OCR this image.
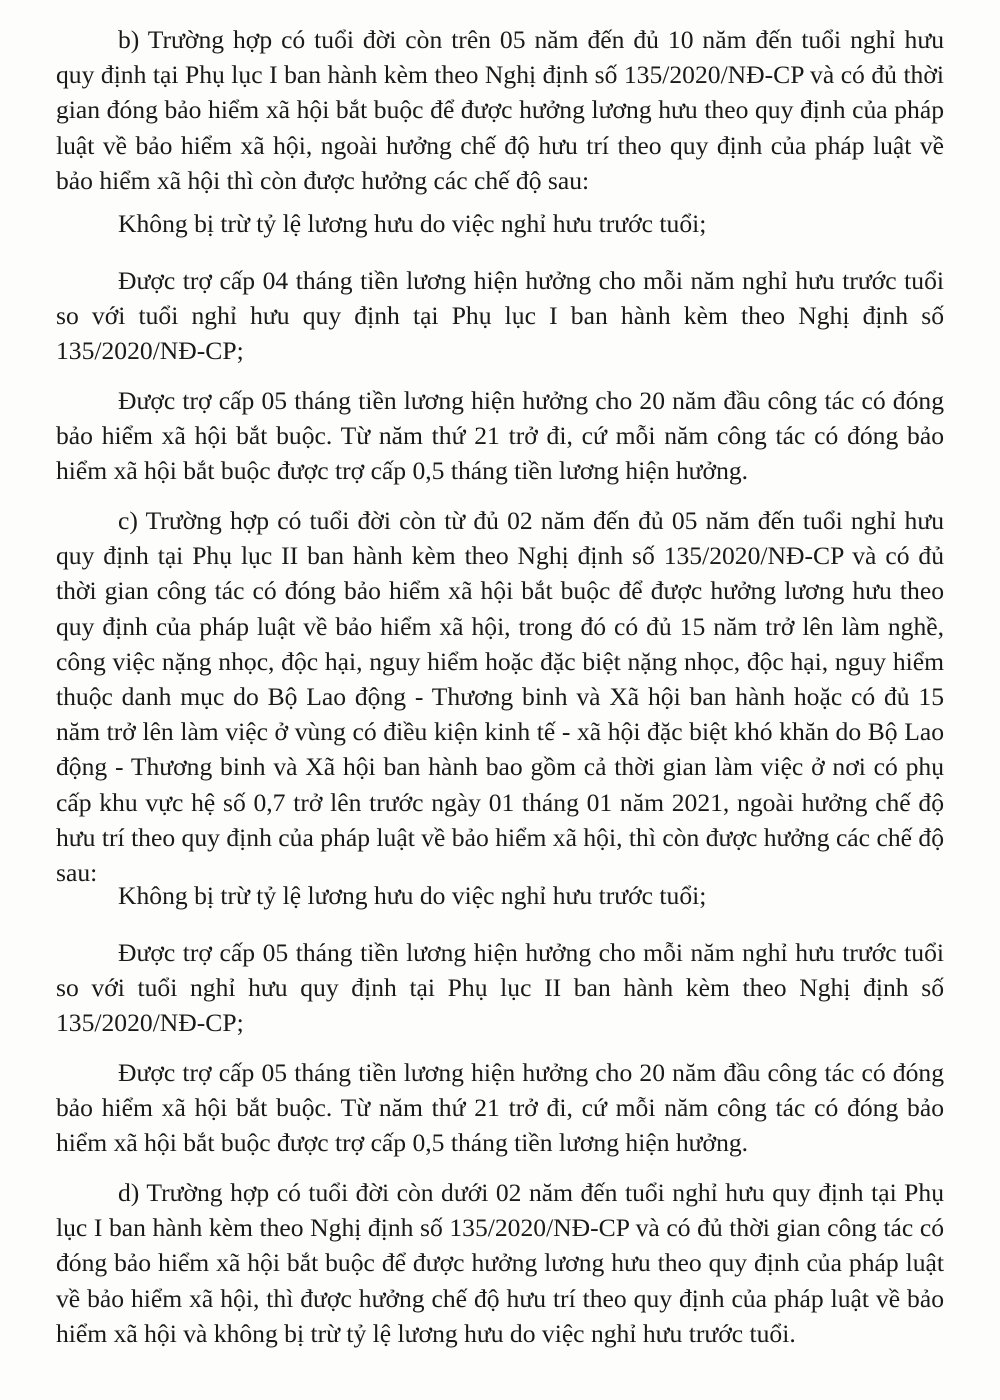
b) Trường hợp có tuổi đời còn trên 05 năm đến đủ 10 năm đến tuổi nghỉ hưu quy định tại Phụ lục I ban hành kèm theo Nghị định số 135/2020/NĐ-CP và có đủ thời gian đóng bảo hiểm xã hội bắt buộc để được hưởng lương hưu theo quy định của pháp luật về bảo hiểm xã hội, ngoài hưởng chế độ hưu trí theo quy định của pháp luật về bảo hiểm xã hội thì còn được hưởng các chế độ sau:

Không bị trừ tỷ lệ lương hưu do việc nghỉ hưu trước tuổi;

Được trợ cấp 04 tháng tiền lương hiện hưởng cho mỗi năm nghỉ hưu trước tuổi so với tuổi nghỉ hưu quy định tại Phụ lục I ban hành kèm theo Nghị định số 135/2020/NĐ-CP;

Được trợ cấp 05 tháng tiền lương hiện hưởng cho 20 năm đầu công tác có đóng bảo hiểm xã hội bắt buộc. Từ năm thứ 21 trở đi, cứ mỗi năm công tác có đóng bảo hiểm xã hội bắt buộc được trợ cấp 0,5 tháng tiền lương hiện hưởng.

c) Trường hợp có tuổi đời còn từ đủ 02 năm đến đủ 05 năm đến tuổi nghỉ hưu quy định tại Phụ lục II ban hành kèm theo Nghị định số 135/2020/NĐ-CP và có đủ thời gian công tác có đóng bảo hiểm xã hội bắt buộc để được hưởng lương hưu theo quy định của pháp luật về bảo hiểm xã hội, trong đó có đủ 15 năm trở lên làm nghề, công việc nặng nhọc, độc hại, nguy hiểm hoặc đặc biệt nặng nhọc, độc hại, nguy hiểm thuộc danh mục do Bộ Lao động - Thương binh và Xã hội ban hành hoặc có đủ 15 năm trở lên làm việc ở vùng có điều kiện kinh tế - xã hội đặc biệt khó khăn do Bộ Lao động - Thương binh và Xã hội ban hành bao gồm cả thời gian làm việc ở nơi có phụ cấp khu vực hệ số 0,7 trở lên trước ngày 01 tháng 01 năm 2021, ngoài hưởng chế độ hưu trí theo quy định của pháp luật về bảo hiểm xã hội, thì còn được hưởng các chế độ sau:

Không bị trừ tỷ lệ lương hưu do việc nghỉ hưu trước tuổi;

Được trợ cấp 05 tháng tiền lương hiện hưởng cho mỗi năm nghỉ hưu trước tuổi so với tuổi nghỉ hưu quy định tại Phụ lục II ban hành kèm theo Nghị định số 135/2020/NĐ-CP;

Được trợ cấp 05 tháng tiền lương hiện hưởng cho 20 năm đầu công tác có đóng bảo hiểm xã hội bắt buộc. Từ năm thứ 21 trở đi, cứ mỗi năm công tác có đóng bảo hiểm xã hội bắt buộc được trợ cấp 0,5 tháng tiền lương hiện hưởng.

d) Trường hợp có tuổi đời còn dưới 02 năm đến tuổi nghỉ hưu quy định tại Phụ lục I ban hành kèm theo Nghị định số 135/2020/NĐ-CP và có đủ thời gian công tác có đóng bảo hiểm xã hội bắt buộc để được hưởng lương hưu theo quy định của pháp luật về bảo hiểm xã hội, thì được hưởng chế độ hưu trí theo quy định của pháp luật về bảo hiểm xã hội và không bị trừ tỷ lệ lương hưu do việc nghỉ hưu trước tuổi.
